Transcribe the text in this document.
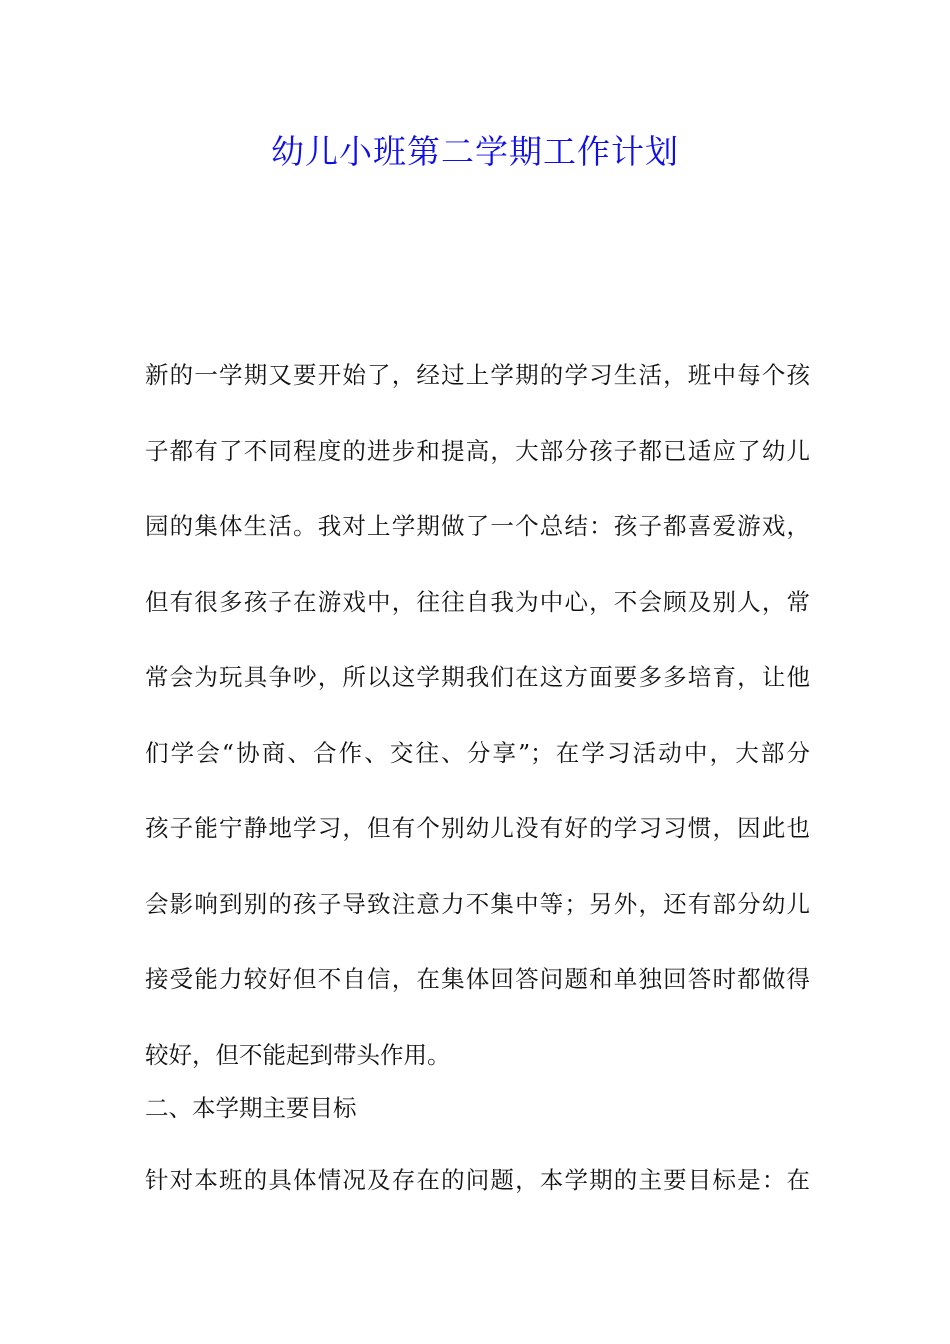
幼儿小班第二学期工作计划
新的一学期又要开始了，经过上学期的学习生活，班中每个孩
子都有了不同程度的进步和提高，大部分孩子都已适应了幼儿
园的集体生活。我对上学期做了一个总结：孩子都喜爱游戏，
但有很多孩子在游戏中，往往自我为中心，不会顾及别人，常
常会为玩具争吵，所以这学期我们在这方面要多多培育，让他
们学会“协商、合作、交往、分享”；在学习活动中，大部分
孩子能宁静地学习，但有个别幼儿没有好的学习习惯，因此也
会影响到别的孩子导致注意力不集中等；另外，还有部分幼儿
接受能力较好但不自信，在集体回答问题和单独回答时都做得
较好，但不能起到带头作用。
二、本学期主要目标
针对本班的具体情况及存在的问题，本学期的主要目标是：在
